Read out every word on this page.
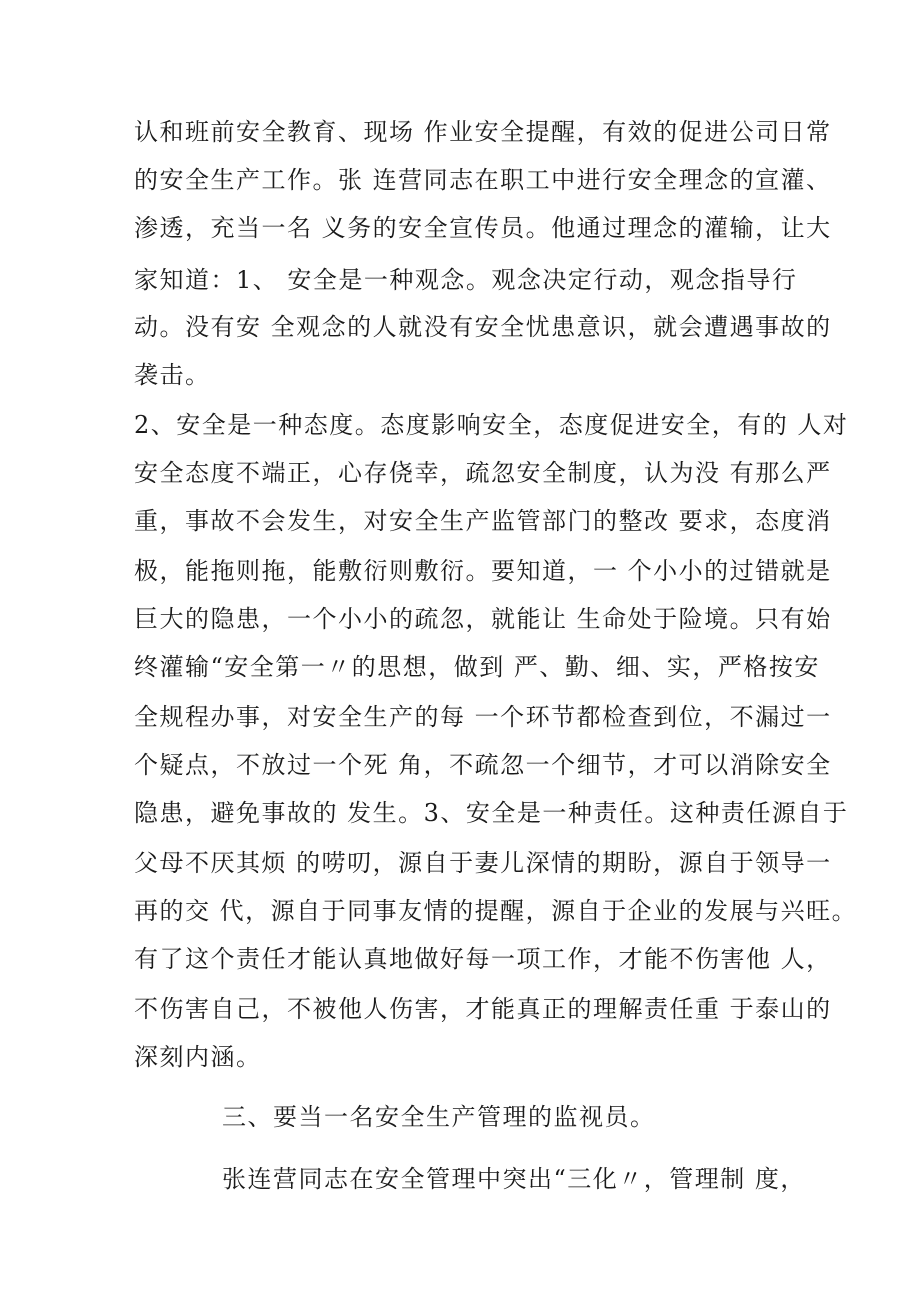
认和班前安全教育、现场 作业安全提醒，有效的促进公司日常
的安全生产工作。张 连营同志在职工中进行安全理念的宣灌、
渗透，充当一名 义务的安全宣传员。他通过理念的灌输，让大
家知道：1、 安全是一种观念。观念决定行动，观念指导行
动。没有安 全观念的人就没有安全忧患意识，就会遭遇事故的
袭击。
2、安全是一种态度。态度影响安全，态度促进安全，有的 人对
安全态度不端正，心存侥幸，疏忽安全制度，认为没 有那么严
重，事故不会发生，对安全生产监管部门的整改 要求，态度消
极，能拖则拖，能敷衍则敷衍。要知道，一 个小小的过错就是
巨大的隐患，一个小小的疏忽，就能让 生命处于险境。只有始
终灌输“安全第一〃的思想，做到 严、勤、细、实，严格按安
全规程办事，对安全生产的每 一个环节都检查到位，不漏过一
个疑点，不放过一个死 角，不疏忽一个细节，才可以消除安全
隐患，避免事故的 发生。3、安全是一种责任。这种责任源自于
父母不厌其烦 的唠叨，源自于妻儿深情的期盼，源自于领导一
再的交 代，源自于同事友情的提醒，源自于企业的发展与兴旺。
有了这个责任才能认真地做好每一项工作，才能不伤害他 人，
不伤害自己，不被他人伤害，才能真正的理解责任重 于泰山的
深刻内涵。
三、要当一名安全生产管理的监视员。
张连营同志在安全管理中突出“三化〃，管理制 度，
